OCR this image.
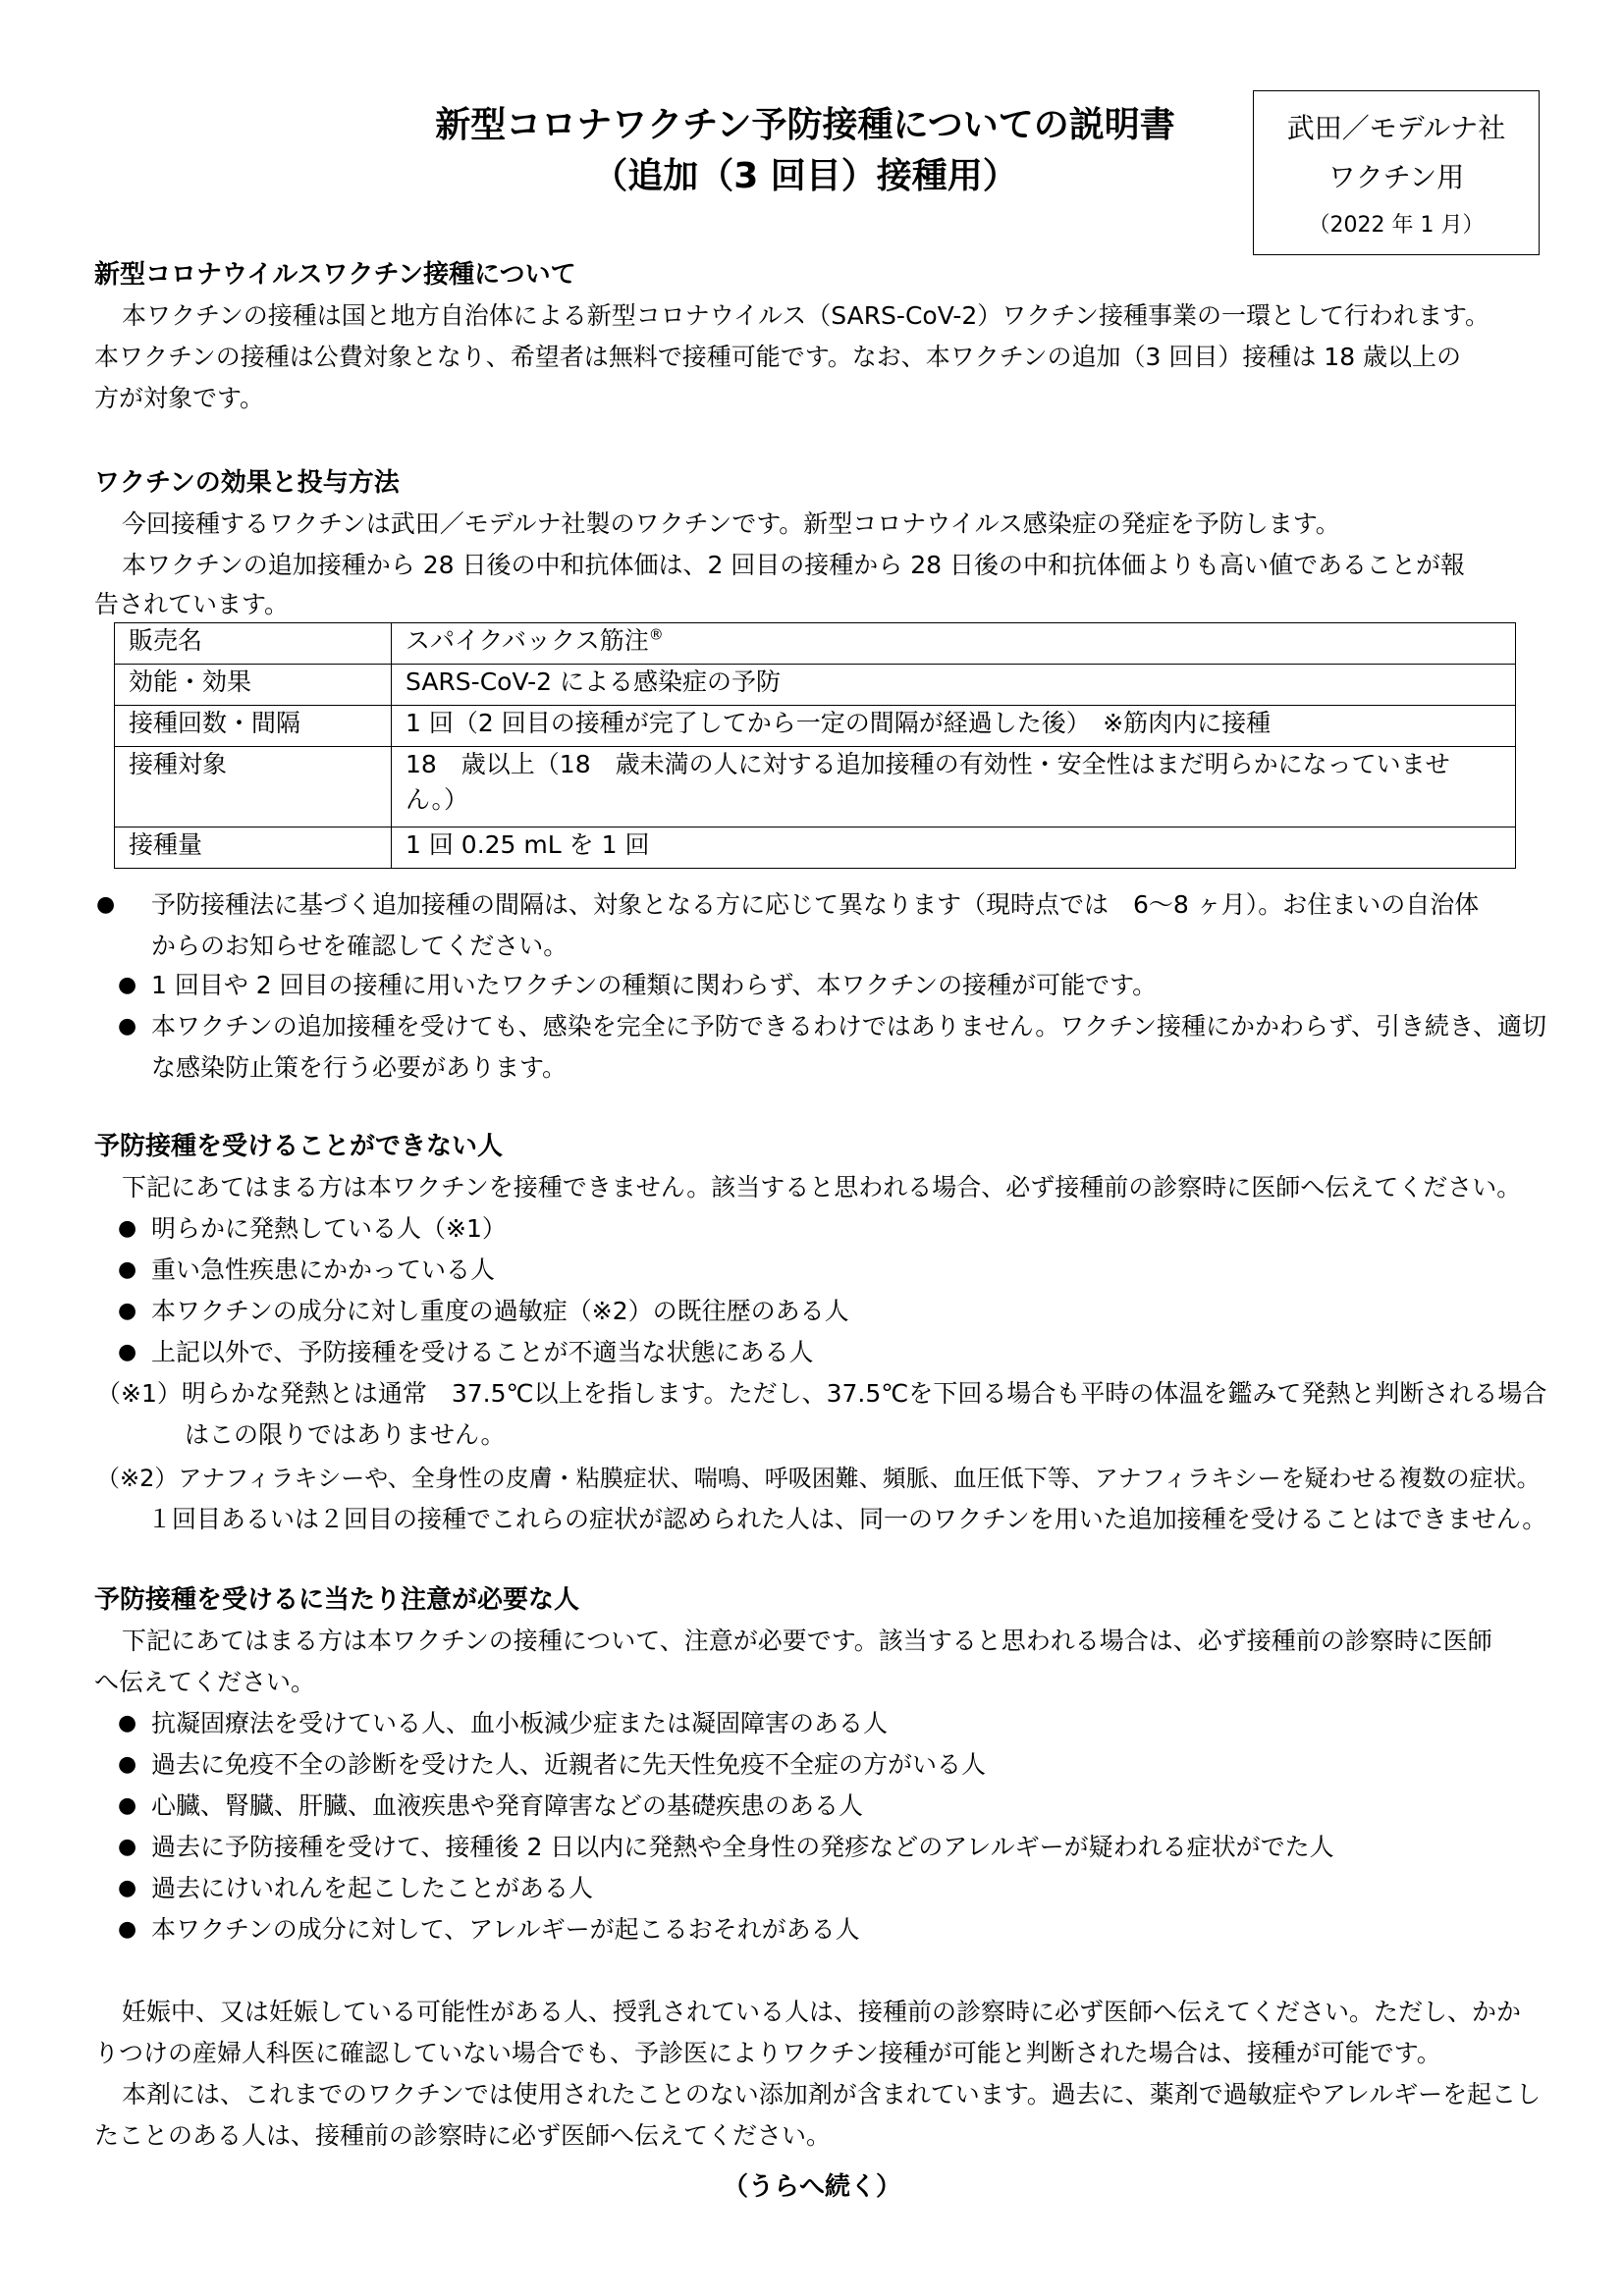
新型コロナワクチン予防接種についての説明書
（追加（3 回目）接種用）
武田／モデルナ社
ワクチン用
（2022 年 1 月）
新型コロナウイルスワクチン接種について
本ワクチンの接種は国と地方自治体による新型コロナウイルス（SARS-CoV-2）ワクチン接種事業の一環として行われます。
本ワクチンの接種は公費対象となり、希望者は無料で接種可能です。なお、本ワクチンの追加（3 回目）接種は 18 歳以上の
方が対象です。
ワクチンの効果と投与方法
今回接種するワクチンは武田／モデルナ社製のワクチンです。新型コロナウイルス感染症の発症を予防します。
本ワクチンの追加接種から 28 日後の中和抗体価は、2 回目の接種から 28 日後の中和抗体価よりも高い値であることが報
告されています。
販売名	スパイクバックス筋注®
効能・効果	SARS-CoV-2 による感染症の予防
接種回数・間隔	1 回（2 回目の接種が完了してから一定の間隔が経過した後）　※筋肉内に接種
接種対象	18　歳以上（18　歳未満の人に対する追加接種の有効性・安全性はまだ明らかになっていませ
ん。）

接種量	1 回 0.25 mL を 1 回
● 予防接種法に基づく追加接種の間隔は、対象となる方に応じて異なります（現時点では　6～8 ヶ月）。お住まいの自治体
からのお知らせを確認してください。
● 1 回目や 2 回目の接種に用いたワクチンの種類に関わらず、本ワクチンの接種が可能です。
● 本ワクチンの追加接種を受けても、感染を完全に予防できるわけではありません。ワクチン接種にかかわらず、引き続き、適切
な感染防止策を行う必要があります。
予防接種を受けることができない人
下記にあてはまる方は本ワクチンを接種できません。該当すると思われる場合、必ず接種前の診察時に医師へ伝えてください。
● 明らかに発熱している人（※1）
● 重い急性疾患にかかっている人
● 本ワクチンの成分に対し重度の過敏症（※2）の既往歴のある人
● 上記以外で、予防接種を受けることが不適当な状態にある人
（※1）明らかな発熱とは通常　37.5℃以上を指します。ただし、37.5℃を下回る場合も平時の体温を鑑みて発熱と判断される場合
はこの限りではありません。
（※2）アナフィラキシーや、全身性の皮膚・粘膜症状、喘鳴、呼吸困難、頻脈、血圧低下等、アナフィラキシーを疑わせる複数の症状。
１回目あるいは２回目の接種でこれらの症状が認められた人は、同一のワクチンを用いた追加接種を受けることはできません。
予防接種を受けるに当たり注意が必要な人
下記にあてはまる方は本ワクチンの接種について、注意が必要です。該当すると思われる場合は、必ず接種前の診察時に医師
へ伝えてください。
● 抗凝固療法を受けている人、血小板減少症または凝固障害のある人
● 過去に免疫不全の診断を受けた人、近親者に先天性免疫不全症の方がいる人
● 心臓、腎臓、肝臓、血液疾患や発育障害などの基礎疾患のある人
● 過去に予防接種を受けて、接種後 2 日以内に発熱や全身性の発疹などのアレルギーが疑われる症状がでた人
● 過去にけいれんを起こしたことがある人
● 本ワクチンの成分に対して、アレルギーが起こるおそれがある人
妊娠中、又は妊娠している可能性がある人、授乳されている人は、接種前の診察時に必ず医師へ伝えてください。ただし、かか
りつけの産婦人科医に確認していない場合でも、予診医によりワクチン接種が可能と判断された場合は、接種が可能です。
本剤には、これまでのワクチンでは使用されたことのない添加剤が含まれています。過去に、薬剤で過敏症やアレルギーを起こし
たことのある人は、接種前の診察時に必ず医師へ伝えてください。
（うらへ続く）
